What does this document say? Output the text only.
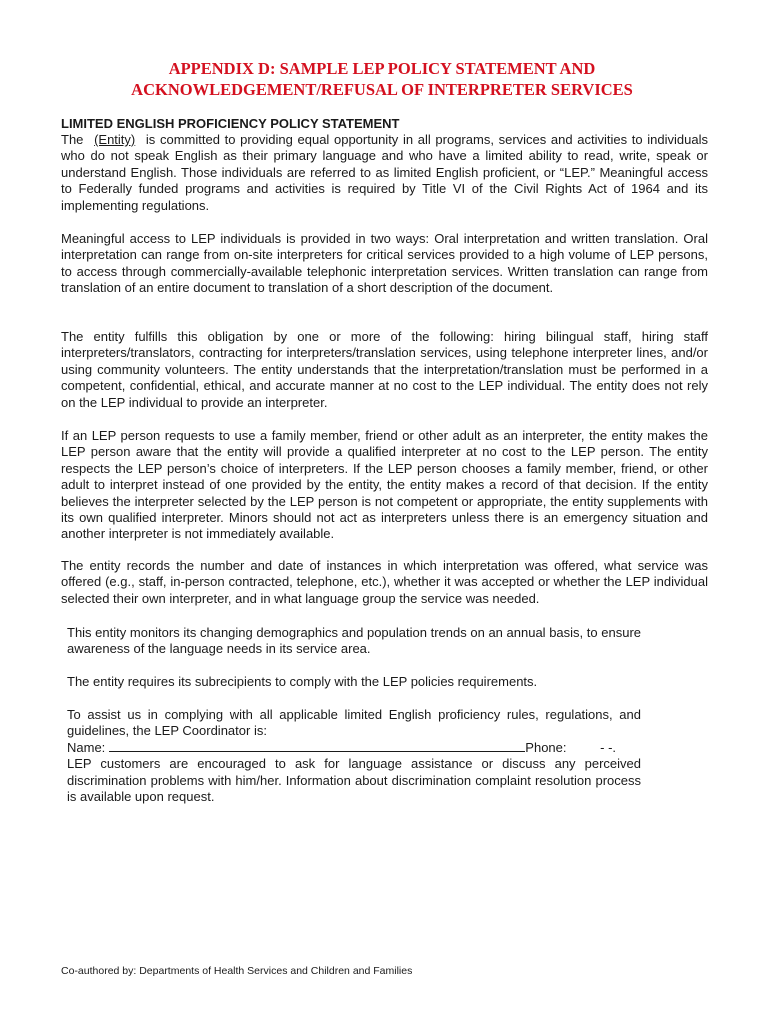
APPENDIX D: SAMPLE LEP POLICY STATEMENT AND
ACKNOWLEDGEMENT/REFUSAL OF INTERPRETER SERVICES
LIMITED ENGLISH PROFICIENCY POLICY STATEMENT

The (Entity) is committed to providing equal opportunity in all programs, services and activities to individuals who do not speak English as their primary language and who have a limited ability to read, write, speak or understand English. Those individuals are referred to as limited English proficient, or “LEP.” Meaningful access to Federally funded programs and activities is required by Title VI of the Civil Rights Act of 1964 and its implementing regulations.

Meaningful access to LEP individuals is provided in two ways: Oral interpretation and written translation. Oral interpretation can range from on-site interpreters for critical services provided to a high volume of LEP persons, to access through commercially-available telephonic interpretation services. Written translation can range from translation of an entire document to translation of a short description of the document.

The entity fulfills this obligation by one or more of the following: hiring bilingual staff, hiring staff interpreters/translators, contracting for interpreters/translation services, using telephone interpreter lines, and/or using community volunteers. The entity understands that the interpretation/translation must be performed in a competent, confidential, ethical, and accurate manner at no cost to the LEP individual. The entity does not rely on the LEP individual to provide an interpreter.

If an LEP person requests to use a family member, friend or other adult as an interpreter, the entity makes the LEP person aware that the entity will provide a qualified interpreter at no cost to the LEP person. The entity respects the LEP person’s choice of interpreters. If the LEP person chooses a family member, friend, or other adult to interpret instead of one provided by the entity, the entity makes a record of that decision. If the entity believes the interpreter selected by the LEP person is not competent or appropriate, the entity supplements with its own qualified interpreter. Minors should not act as interpreters unless there is an emergency situation and another interpreter is not immediately available.

The entity records the number and date of instances in which interpretation was offered, what service was offered (e.g., staff, in-person contracted, telephone, etc.), whether it was accepted or whether the LEP individual selected their own interpreter, and in what language group the service was needed.

This entity monitors its changing demographics and population trends on an annual basis, to ensure awareness of the language needs in its service area.

The entity requires its subrecipients to comply with the LEP policies requirements.

To assist us in complying with all applicable limited English proficiency rules, regulations, and guidelines, the LEP Coordinator is:
Name:	Phone:	- -.
LEP customers are encouraged to ask for language assistance or discuss any perceived discrimination problems with him/her. Information about discrimination complaint resolution process is available upon request.
Co-authored by: Departments of Health Services and Children and Families
